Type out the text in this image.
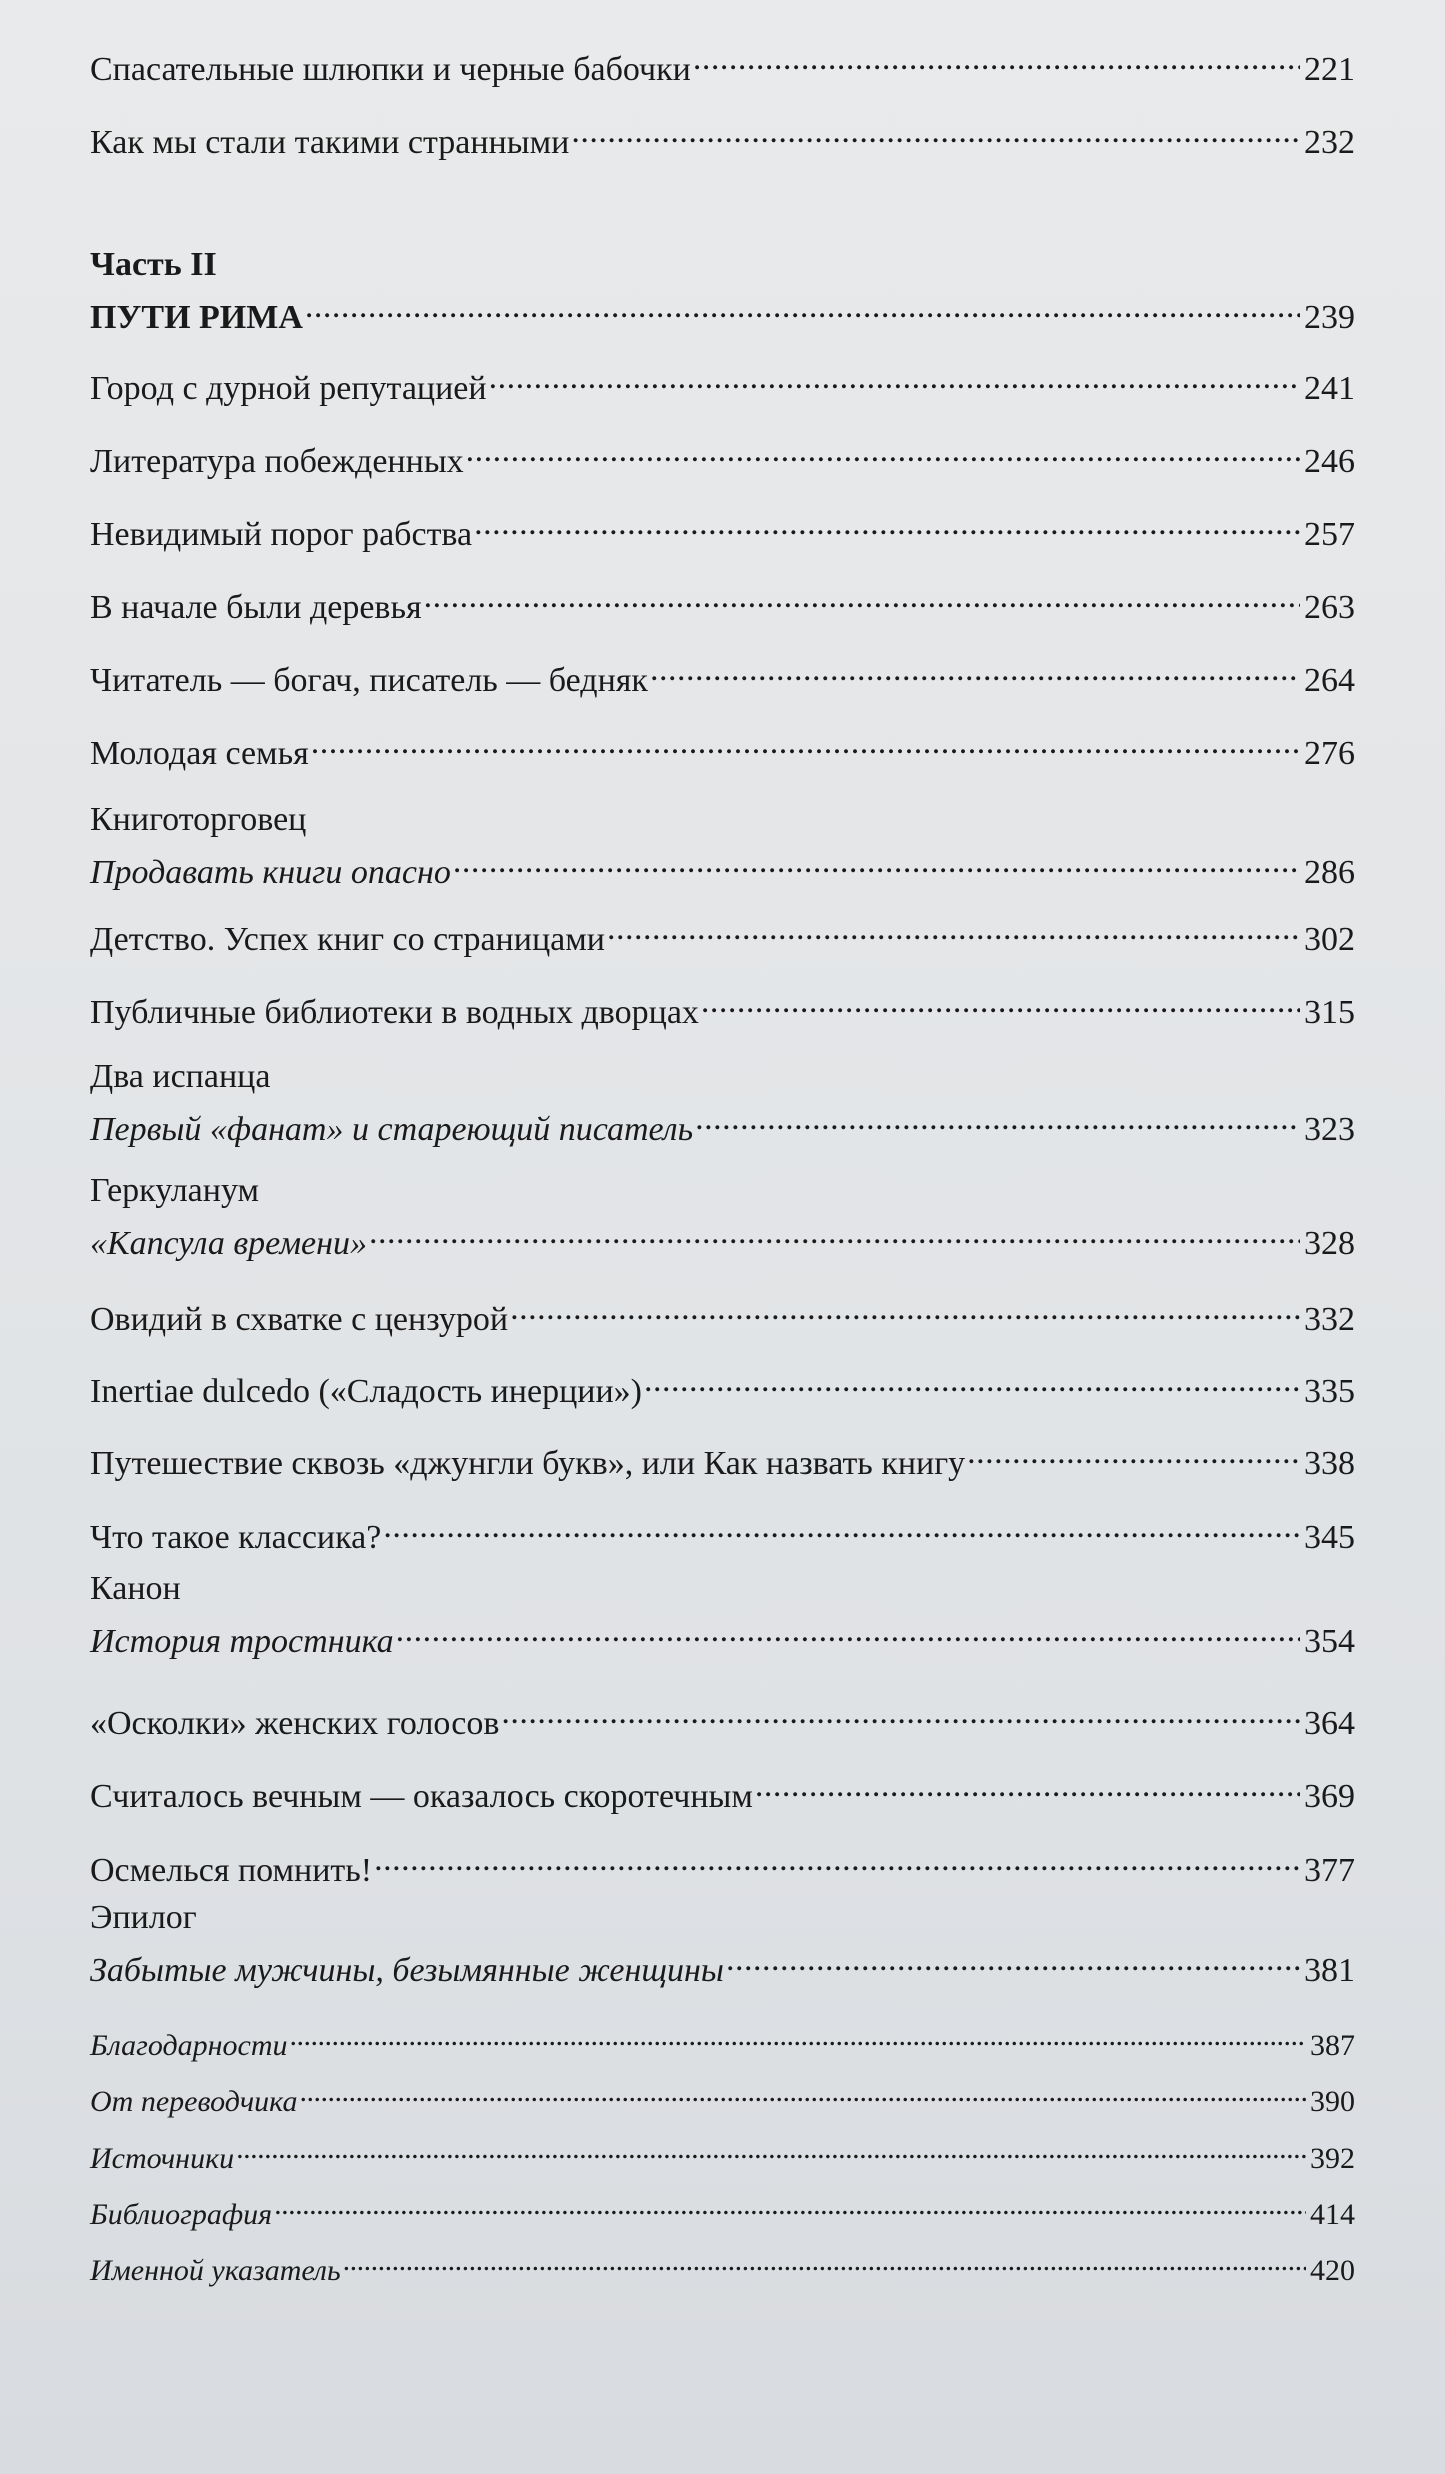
Спасательные шлюпки и черные бабочки . . .	221
Как мы стали такими странными . . .	232
Часть II
ПУТИ РИМА . . .	239
Город с дурной репутацией . . .	241
Литература побежденных . . .	246
Невидимый порог рабства . . .	257
В начале были деревья . . .	263
Читатель — богач, писатель — бедняк . . .	264
Молодая семья . . .	276
Книготорговец
Продавать книги опасно . . .	286
Детство. Успех книг со страницами . . .	302
Публичные библиотеки в водных дворцах . . .	315
Два испанца
Первый «фанат» и стареющий писатель . . .	323
Геркуланум
«Капсула времени» . . .	328
Овидий в схватке с цензурой . . .	332
Inertiae dulcedo («Сладость инерции») . . .	335
Путешествие сквозь «джунгли букв», или Как назвать книгу . . .	338
Что такое классика? . . .	345
Канон
История тростника . . .	354
«Осколки» женских голосов . . .	364
Считалось вечным — оказалось скоротечным . . .	369
Осмелься помнить! . . .	377
Эпилог
Забытые мужчины, безымянные женщины . . .	381
Благодарности . . .	387
От переводчика . . .	390
Источники . . .	392
Библиография . . .	414
Именной указатель . . .	420
